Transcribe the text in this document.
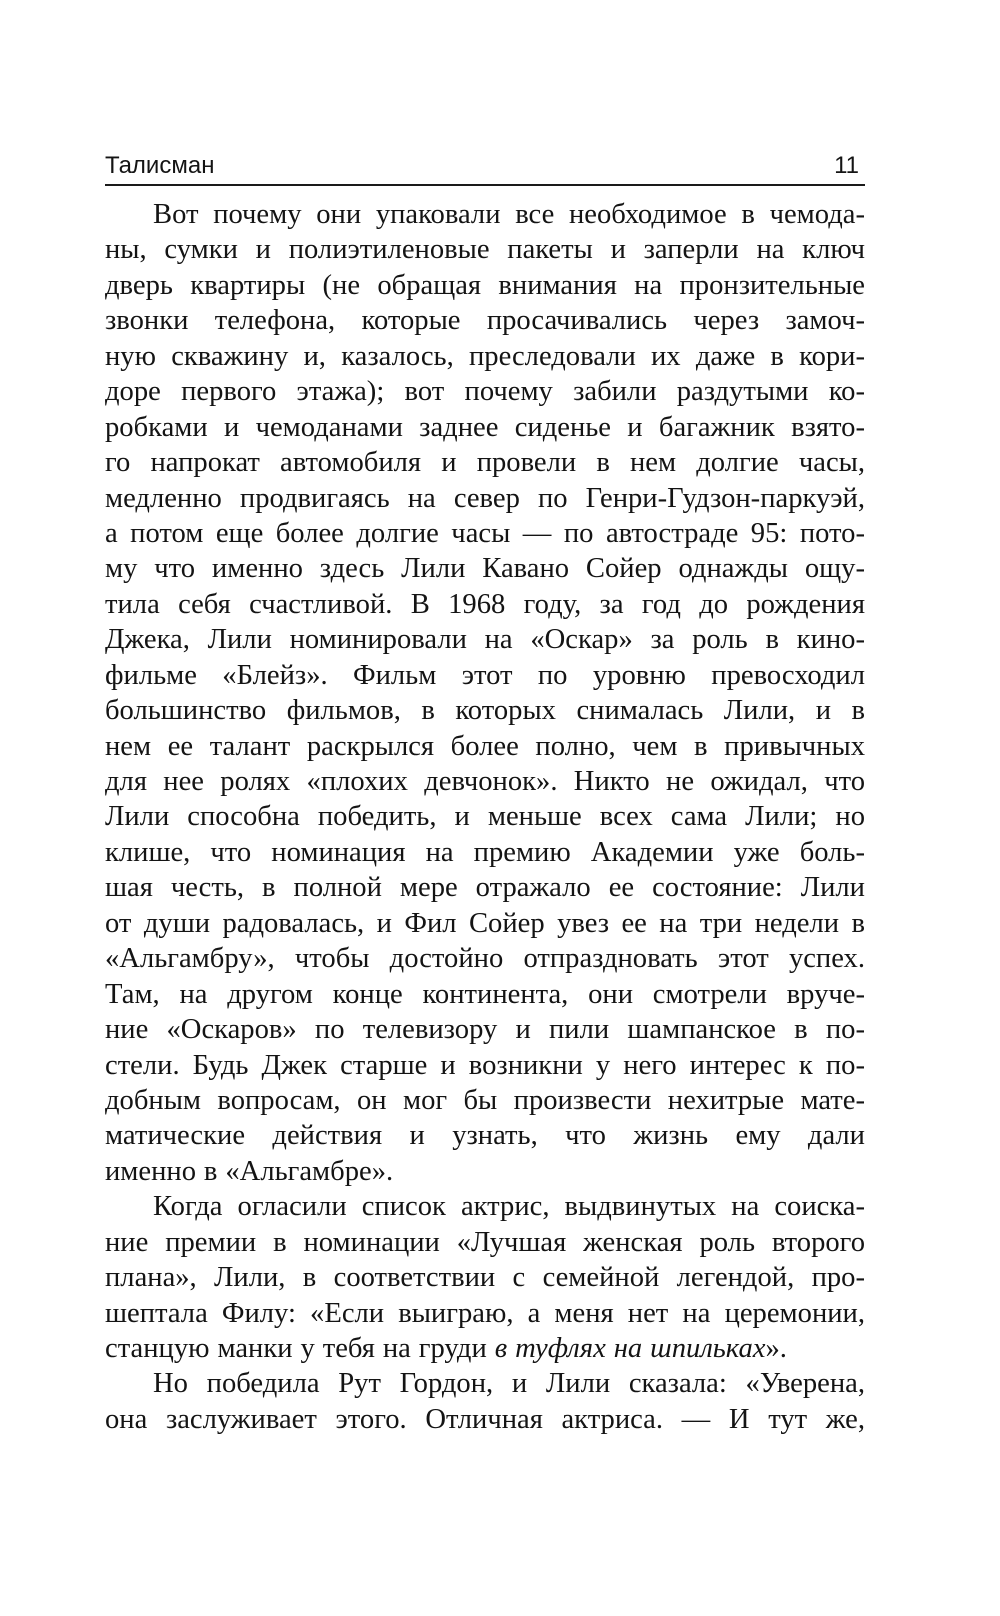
Талисман	11
Вот почему они упаковали все необходимое в чемода-
ны, сумки и полиэтиленовые пакеты и заперли на ключ
дверь квартиры (не обращая внимания на пронзительные
звонки телефона, которые просачивались через замоч-
ную скважину и, казалось, преследовали их даже в кори-
доре первого этажа); вот почему забили раздутыми ко-
робками и чемоданами заднее сиденье и багажник взято-
го напрокат автомобиля и провели в нем долгие часы,
медленно продвигаясь на север по Генри-Гудзон-паркуэй,
а потом еще более долгие часы — по автостраде 95: пото-
му что именно здесь Лили Кавано Сойер однажды ощу-
тила себя счастливой. В 1968 году, за год до рождения
Джека, Лили номинировали на «Оскар» за роль в кино-
фильме «Блейз». Фильм этот по уровню превосходил
большинство фильмов, в которых снималась Лили, и в
нем ее талант раскрылся более полно, чем в привычных
для нее ролях «плохих девчонок». Никто не ожидал, что
Лили способна победить, и меньше всех сама Лили; но
клише, что номинация на премию Академии уже боль-
шая честь, в полной мере отражало ее состояние: Лили
от души радовалась, и Фил Сойер увез ее на три недели в
«Альгамбру», чтобы достойно отпраздновать этот успех.
Там, на другом конце континента, они смотрели вруче-
ние «Оскаров» по телевизору и пили шампанское в по-
стели. Будь Джек старше и возникни у него интерес к по-
добным вопросам, он мог бы произвести нехитрые мате-
матические действия и узнать, что жизнь ему дали
именно в «Альгамбре».
Когда огласили список актрис, выдвинутых на соиска-
ние премии в номинации «Лучшая женская роль второго
плана», Лили, в соответствии с семейной легендой, про-
шептала Филу: «Если выиграю, а меня нет на церемонии,
станцую манки у тебя на груди в туфлях на шпильках».
Но победила Рут Гордон, и Лили сказала: «Уверена,
она заслуживает этого. Отличная актриса. — И тут же,
